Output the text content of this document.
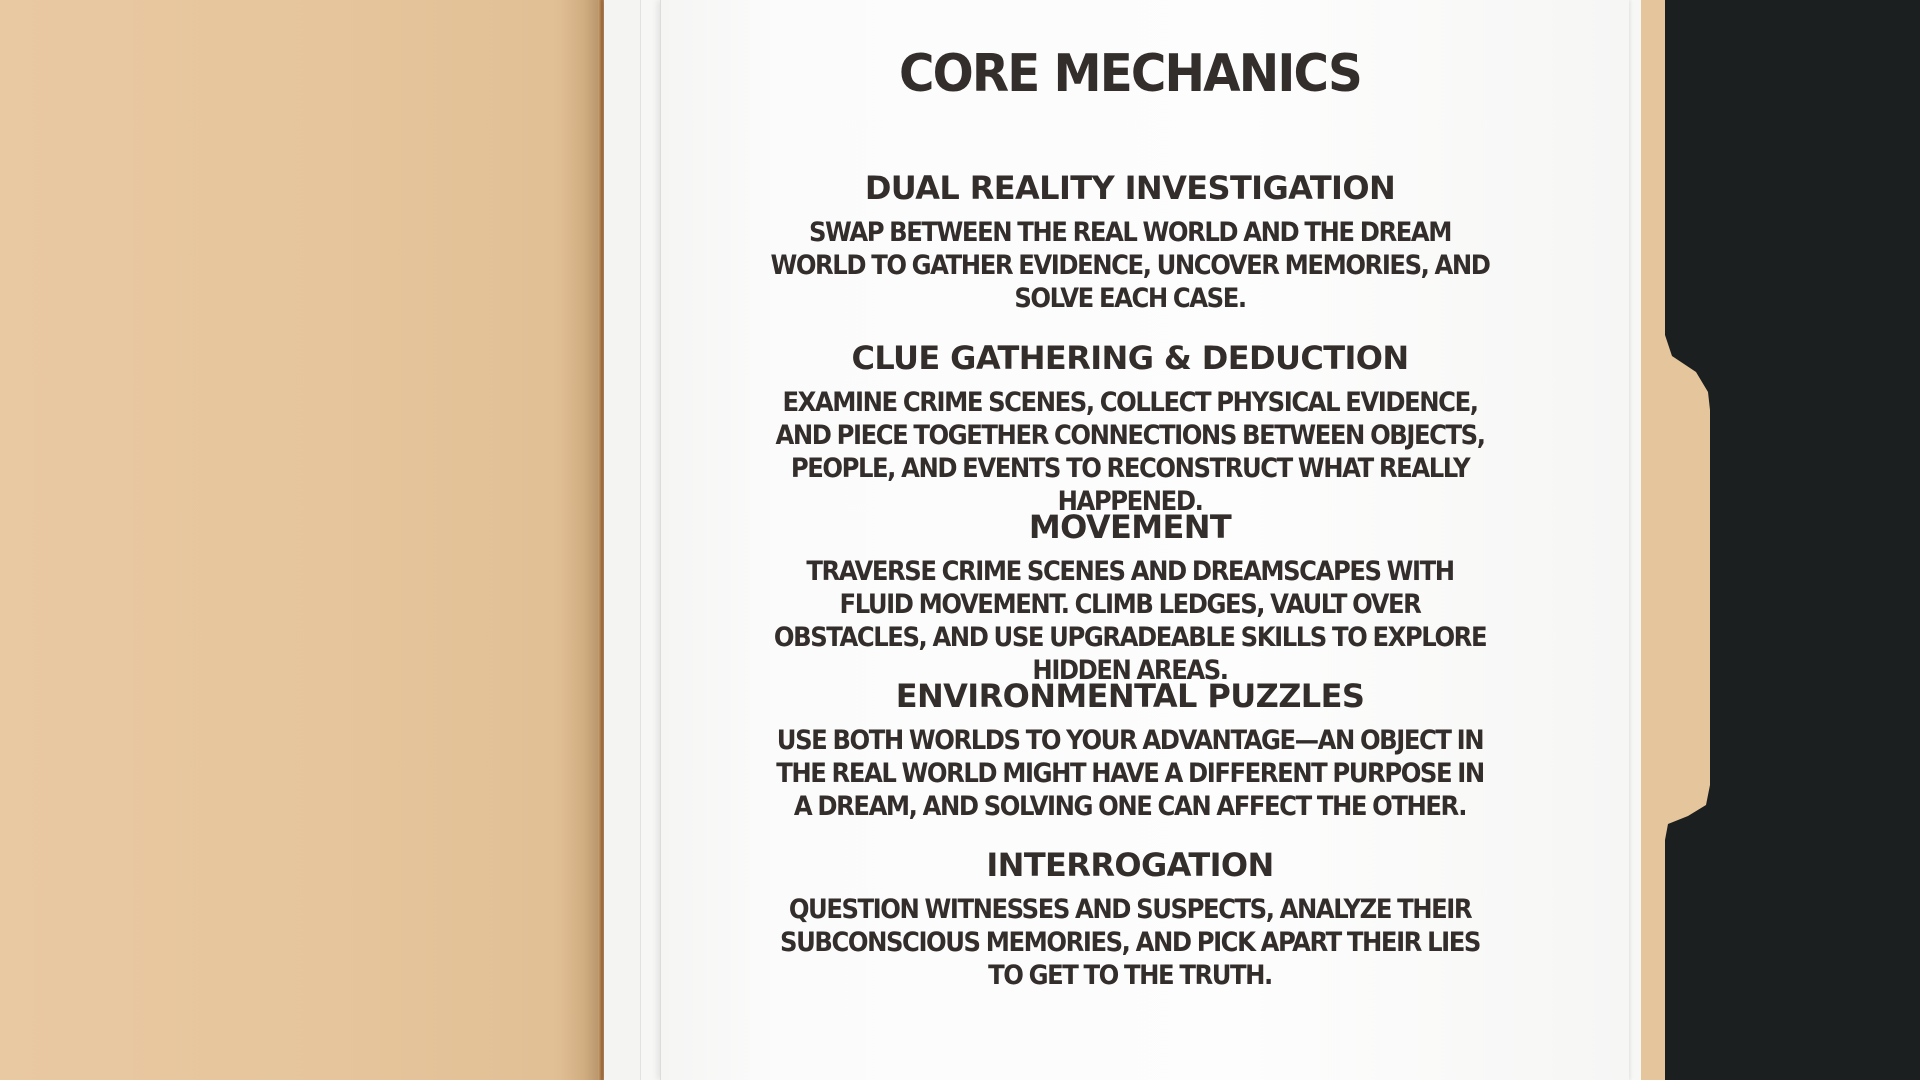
CORE MECHANICS
DUAL REALITY INVESTIGATION

SWAP BETWEEN THE REAL WORLD AND THE DREAM WORLD TO GATHER EVIDENCE, UNCOVER MEMORIES, AND SOLVE EACH CASE.

CLUE GATHERING & DEDUCTION

EXAMINE CRIME SCENES, COLLECT PHYSICAL EVIDENCE, AND PIECE TOGETHER CONNECTIONS BETWEEN OBJECTS, PEOPLE, AND EVENTS TO RECONSTRUCT WHAT REALLY HAPPENED.

MOVEMENT

TRAVERSE CRIME SCENES AND DREAMSCAPES WITH FLUID MOVEMENT. CLIMB LEDGES, VAULT OVER OBSTACLES, AND USE UPGRADEABLE SKILLS TO EXPLORE HIDDEN AREAS.

ENVIRONMENTAL PUZZLES

USE BOTH WORLDS TO YOUR ADVANTAGE—AN OBJECT IN THE REAL WORLD MIGHT HAVE A DIFFERENT PURPOSE IN A DREAM, AND SOLVING ONE CAN AFFECT THE OTHER.

INTERROGATION

QUESTION WITNESSES AND SUSPECTS, ANALYZE THEIR SUBCONSCIOUS MEMORIES, AND PICK APART THEIR LIES TO GET TO THE TRUTH.
